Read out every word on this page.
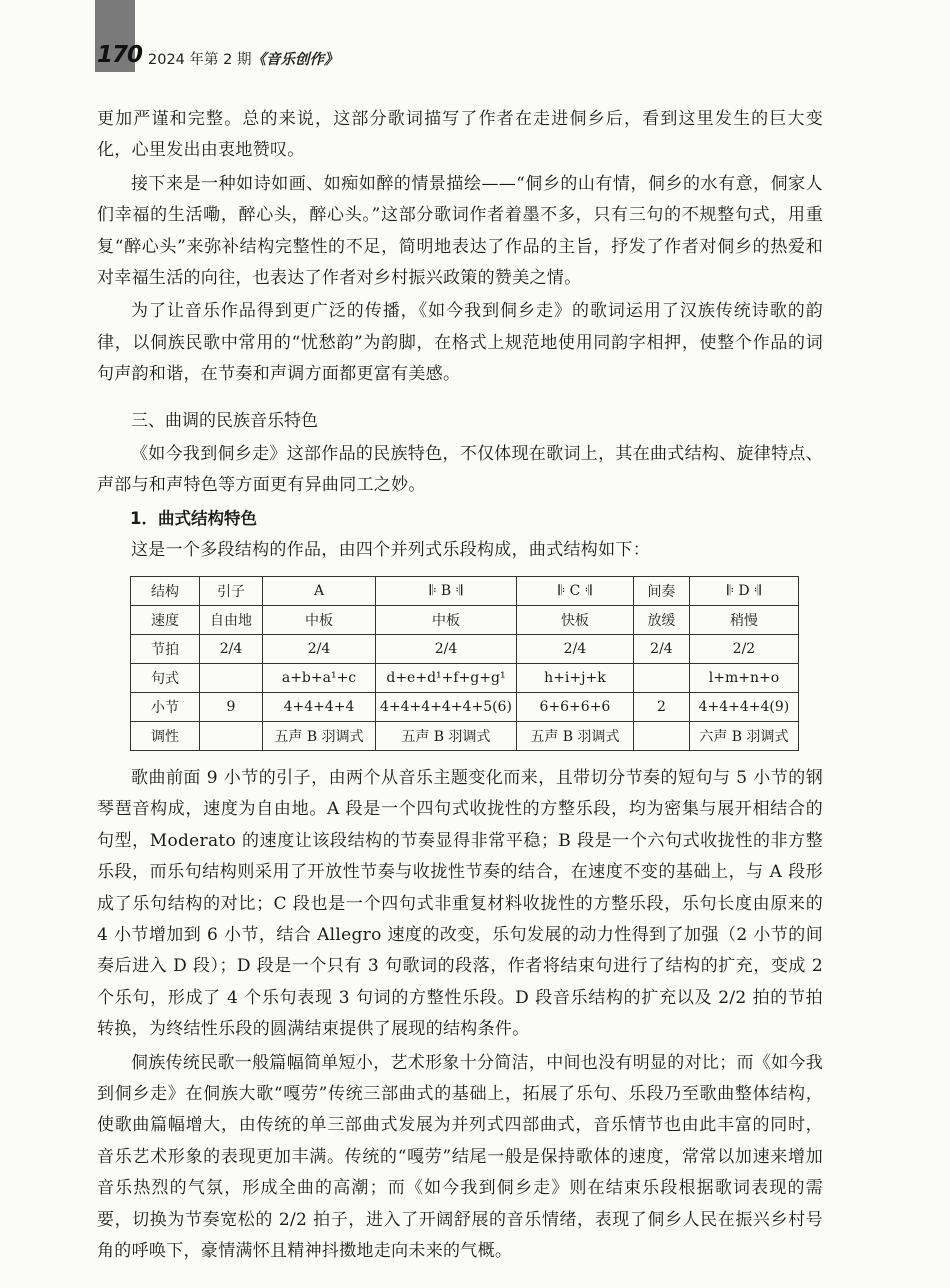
170 2024 年第 2 期《音乐创作》

更加严谨和完整。总的来说，这部分歌词描写了作者在走进侗乡后，看到这里发生的巨大变化，心里发出由衷地赞叹。

接下来是一种如诗如画、如痴如醉的情景描绘——“侗乡的山有情，侗乡的水有意，侗家人们幸福的生活嘞，醉心头，醉心头。”这部分歌词作者着墨不多，只有三句的不规整句式，用重复“醉心头”来弥补结构完整性的不足，简明地表达了作品的主旨，抒发了作者对侗乡的热爱和对幸福生活的向往，也表达了作者对乡村振兴政策的赞美之情。

为了让音乐作品得到更广泛的传播，《如今我到侗乡走》的歌词运用了汉族传统诗歌的韵律，以侗族民歌中常用的“忧愁韵”为韵脚，在格式上规范地使用同韵字相押，使整个作品的词句声韵和谐，在节奏和声调方面都更富有美感。

三、曲调的民族音乐特色

《如今我到侗乡走》这部作品的民族特色，不仅体现在歌词上，其在曲式结构、旋律特点、声部与和声特色等方面更有异曲同工之妙。

1．曲式结构特色

这是一个多段结构的作品，由四个并列式乐段构成，曲式结构如下：

结构	引子	A	𝄆 B 𝄇	𝄆 C 𝄇	间奏	𝄆 D 𝄇
速度	自由地	中板	中板	快板	放缓	稍慢
节拍	2/4	2/4	2/4	2/4	2/4	2/2
句式		a+b+a¹+c	d+e+d¹+f+g+g¹	h+i+j+k		l+m+n+o
小节	9	4+4+4+4	4+4+4+4+4+5(6)	6+6+6+6	2	4+4+4+4(9)
调性		五声 B 羽调式	五声 B 羽调式	五声 B 羽调式		六声 B 羽调式

歌曲前面 9 小节的引子，由两个从音乐主题变化而来，且带切分节奏的短句与 5 小节的钢琴琶音构成，速度为自由地。A 段是一个四句式收拢性的方整乐段，均为密集与展开相结合的句型，Moderato 的速度让该段结构的节奏显得非常平稳；B 段是一个六句式收拢性的非方整乐段，而乐句结构则采用了开放性节奏与收拢性节奏的结合，在速度不变的基础上，与 A 段形成了乐句结构的对比；C 段也是一个四句式非重复材料收拢性的方整乐段，乐句长度由原来的 4 小节增加到 6 小节，结合 Allegro 速度的改变，乐句发展的动力性得到了加强（2 小节的间奏后进入 D 段）；D 段是一个只有 3 句歌词的段落，作者将结束句进行了结构的扩充，变成 2 个乐句，形成了 4 个乐句表现 3 句词的方整性乐段。D 段音乐结构的扩充以及 2/2 拍的节拍转换，为终结性乐段的圆满结束提供了展现的结构条件。

侗族传统民歌一般篇幅简单短小，艺术形象十分简洁，中间也没有明显的对比；而《如今我到侗乡走》在侗族大歌“嘎劳”传统三部曲式的基础上，拓展了乐句、乐段乃至歌曲整体结构，使歌曲篇幅增大，由传统的单三部曲式发展为并列式四部曲式，音乐情节也由此丰富的同时，音乐艺术形象的表现更加丰满。传统的“嘎劳”结尾一般是保持歌体的速度，常常以加速来增加音乐热烈的气氛，形成全曲的高潮；而《如今我到侗乡走》则在结束乐段根据歌词表现的需要，切换为节奏宽松的 2/2 拍子，进入了开阔舒展的音乐情绪，表现了侗乡人民在振兴乡村号角的呼唤下，豪情满怀且精神抖擞地走向未来的气概。
